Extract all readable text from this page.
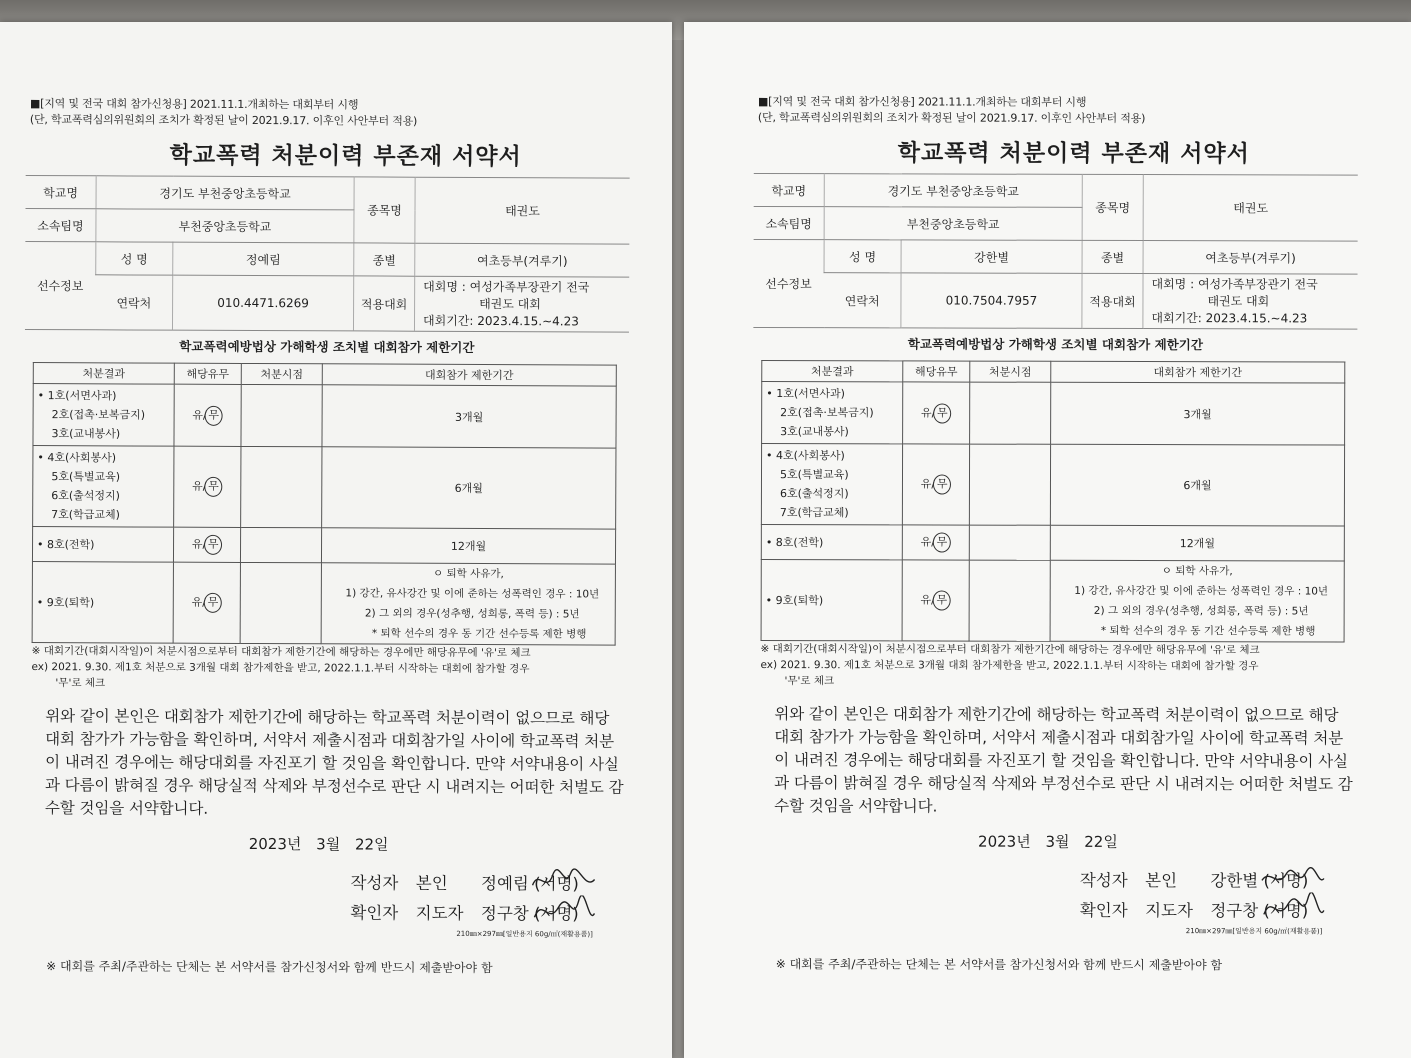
■[지역 및 전국 대회 참가신청용] 2021.11.1.개최하는 대회부터 시행
(단, 학교폭력심의위원회의 조치가 확정된 날이 2021.9.17. 이후인 사안부터 적용)
학교폭력 처분이력 부존재 서약서
학교명	경기도 부천중앙초등학교		종목명	태권도
소속팀명	부천중앙초등학교			
선수정보	성 명	정예림	종별	여초등부(겨루기)
	연락처	010.4471.6269	적용대회	대회명 : 여성가족부장관기 전국
태권도 대회
대회기간: 2023.4.15.~4.23
학교폭력예방법상 가해학생 조치별 대회참가 제한기간
처분결과	해당유무	처분시점	대회참가 제한기간

• 1호(서면사과)
2호(접촉·보복금지)
3호(교내봉사)	유/ 무		3개월

• 4호(사회봉사)
5호(특별교육)
6호(출석정지)
7호(학급교체)	유/ 무		6개월

• 8호(전학)	유/ 무		12개월

• 9호(퇴학)	유/ 무		ㅇ 퇴학 사유가,
1) 강간, 유사강간 및 이에 준하는 성폭력인 경우 : 10년
2) 그 외의 경우(성추행, 성희롱, 폭력 등) : 5년
* 퇴학 선수의 경우 동 기간 선수등록 제한 병행
※ 대회기간(대회시작일)이 처분시점으로부터 대회참가 제한기간에 해당하는 경우에만 해당유무에 '유'로 체크
ex) 2021. 9.30. 제1호 처분으로 3개월 대회 참가제한을 받고, 2022.1.1.부터 시작하는 대회에 참가할 경우
'무'로 체크
위와 같이 본인은 대회참가 제한기간에 해당하는 학교폭력 처분이력이 없으므로 해당 대회 참가가 가능함을 확인하며, 서약서 제출시점과 대회참가일 사이에 학교폭력 처분이 내려진 경우에는 해당대회를 자진포기 할 것임을 확인합니다. 만약 서약내용이 사실과 다름이 밝혀질 경우 해당실적 삭제와 부정선수로 판단 시 내려지는 어떠한 처벌도 감수할 것임을 서약합니다.
2023년 3월 22일
작성자 본인 정예림 (서명)
확인자 지도자 정구창 (서명)
210㎜×297㎜[일반용지 60g/㎡(재활용품)]
※ 대회를 주최/주관하는 단체는 본 서약서를 참가신청서와 함께 반드시 제출받아야 함
■[지역 및 전국 대회 참가신청용] 2021.11.1.개최하는 대회부터 시행
(단, 학교폭력심의위원회의 조치가 확정된 날이 2021.9.17. 이후인 사안부터 적용)
학교폭력 처분이력 부존재 서약서
학교명	경기도 부천중앙초등학교		종목명	태권도
소속팀명	부천중앙초등학교			
선수정보	성 명	강한별	종별	여초등부(겨루기)
	연락처	010.7504.7957	적용대회	대회명 : 여성가족부장관기 전국
태권도 대회
대회기간: 2023.4.15.~4.23
학교폭력예방법상 가해학생 조치별 대회참가 제한기간
처분결과	해당유무	처분시점	대회참가 제한기간

• 1호(서면사과)
2호(접촉·보복금지)
3호(교내봉사)	유/ 무		3개월

• 4호(사회봉사)
5호(특별교육)
6호(출석정지)
7호(학급교체)	유/ 무		6개월

• 8호(전학)	유/ 무		12개월

• 9호(퇴학)	유/ 무		ㅇ 퇴학 사유가,
1) 강간, 유사강간 및 이에 준하는 성폭력인 경우 : 10년
2) 그 외의 경우(성추행, 성희롱, 폭력 등) : 5년
* 퇴학 선수의 경우 동 기간 선수등록 제한 병행
※ 대회기간(대회시작일)이 처분시점으로부터 대회참가 제한기간에 해당하는 경우에만 해당유무에 '유'로 체크
ex) 2021. 9.30. 제1호 처분으로 3개월 대회 참가제한을 받고, 2022.1.1.부터 시작하는 대회에 참가할 경우
'무'로 체크
위와 같이 본인은 대회참가 제한기간에 해당하는 학교폭력 처분이력이 없으므로 해당 대회 참가가 가능함을 확인하며, 서약서 제출시점과 대회참가일 사이에 학교폭력 처분이 내려진 경우에는 해당대회를 자진포기 할 것임을 확인합니다. 만약 서약내용이 사실과 다름이 밝혀질 경우 해당실적 삭제와 부정선수로 판단 시 내려지는 어떠한 처벌도 감수할 것임을 서약합니다.
2023년 3월 22일
작성자 본인 강한별 (서명)
확인자 지도자 정구창 (서명)
210㎜×297㎜[일반용지 60g/㎡(재활용품)]
※ 대회를 주최/주관하는 단체는 본 서약서를 참가신청서와 함께 반드시 제출받아야 함
